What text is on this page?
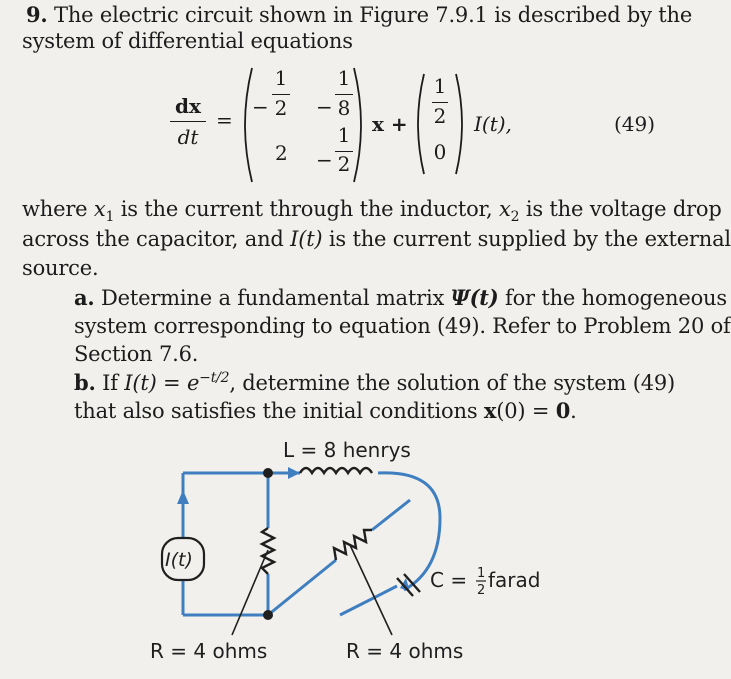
9. The electric circuit shown in Figure 7.9.1 is described by the
system of differential equations
dx
dt
=
−
1
2 −
1
8
2 −
1
2
x +
1
2
0
I(t),	(49)
where $x_1$ is the current through the inductor, $x_2$ is the voltage drop
across the capacitor, and I(t) is the current supplied by the external
source.
a. Determine a fundamental matrix Ψ(t) for the homogeneous
system corresponding to equation (49). Refer to Problem 20 of
Section 7.6.
b. If $I(t) = e^{-t/2}$, determine the solution of the system (49)
that also satisfies the initial conditions x(0) = 0.
L = 8 henrys
I(t)
C = 1
2 farad
R = 4 ohms	R = 4 ohms
